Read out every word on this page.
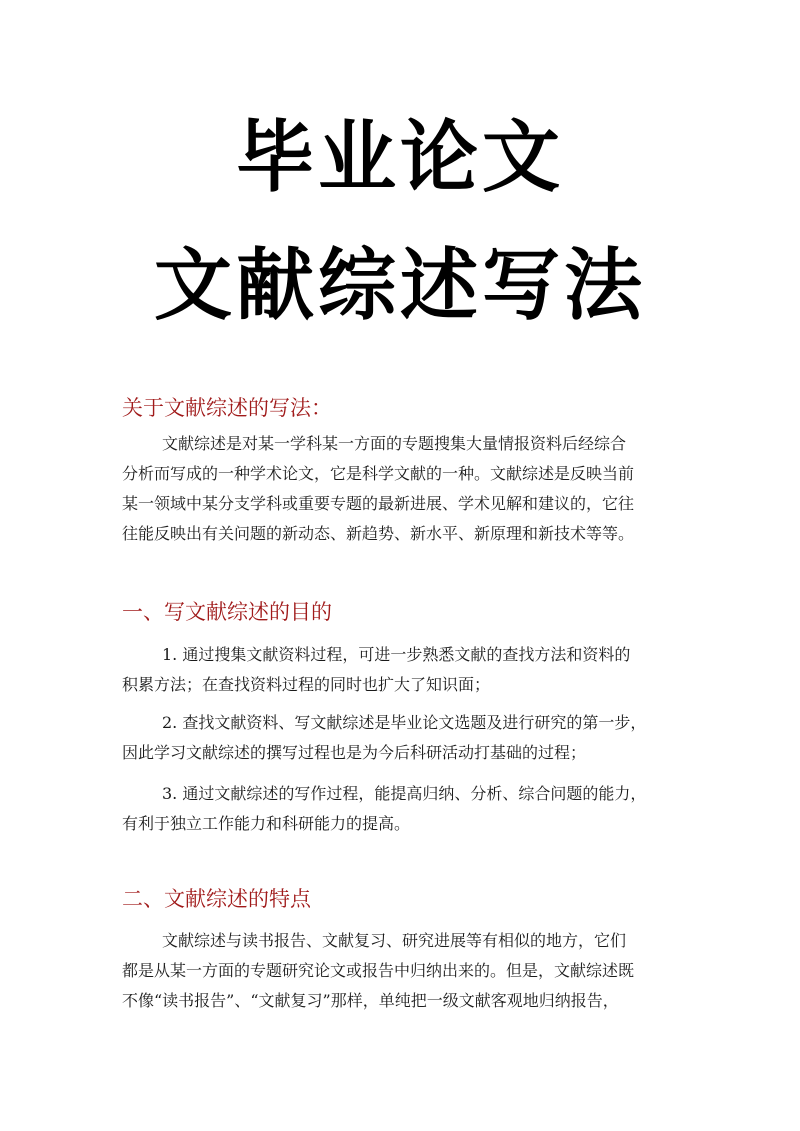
毕业论文
文献综述写法
关于文献综述的写法：
文献综述是对某一学科某一方面的专题搜集大量情报资料后经综合
分析而写成的一种学术论文，它是科学文献的一种。文献综述是反映当前
某一领域中某分支学科或重要专题的最新进展、学术见解和建议的，它往
往能反映出有关问题的新动态、新趋势、新水平、新原理和新技术等等。
一、写文献综述的目的
1. 通过搜集文献资料过程，可进一步熟悉文献的查找方法和资料的
积累方法；在查找资料过程的同时也扩大了知识面；
2. 查找文献资料、写文献综述是毕业论文选题及进行研究的第一步，
因此学习文献综述的撰写过程也是为今后科研活动打基础的过程；
3. 通过文献综述的写作过程，能提高归纳、分析、综合问题的能力，
有利于独立工作能力和科研能力的提高。
二、文献综述的特点
文献综述与读书报告、文献复习、研究进展等有相似的地方，它们
都是从某一方面的专题研究论文或报告中归纳出来的。但是，文献综述既
不像“读书报告”、“文献复习”那样，单纯把一级文献客观地归纳报告，
